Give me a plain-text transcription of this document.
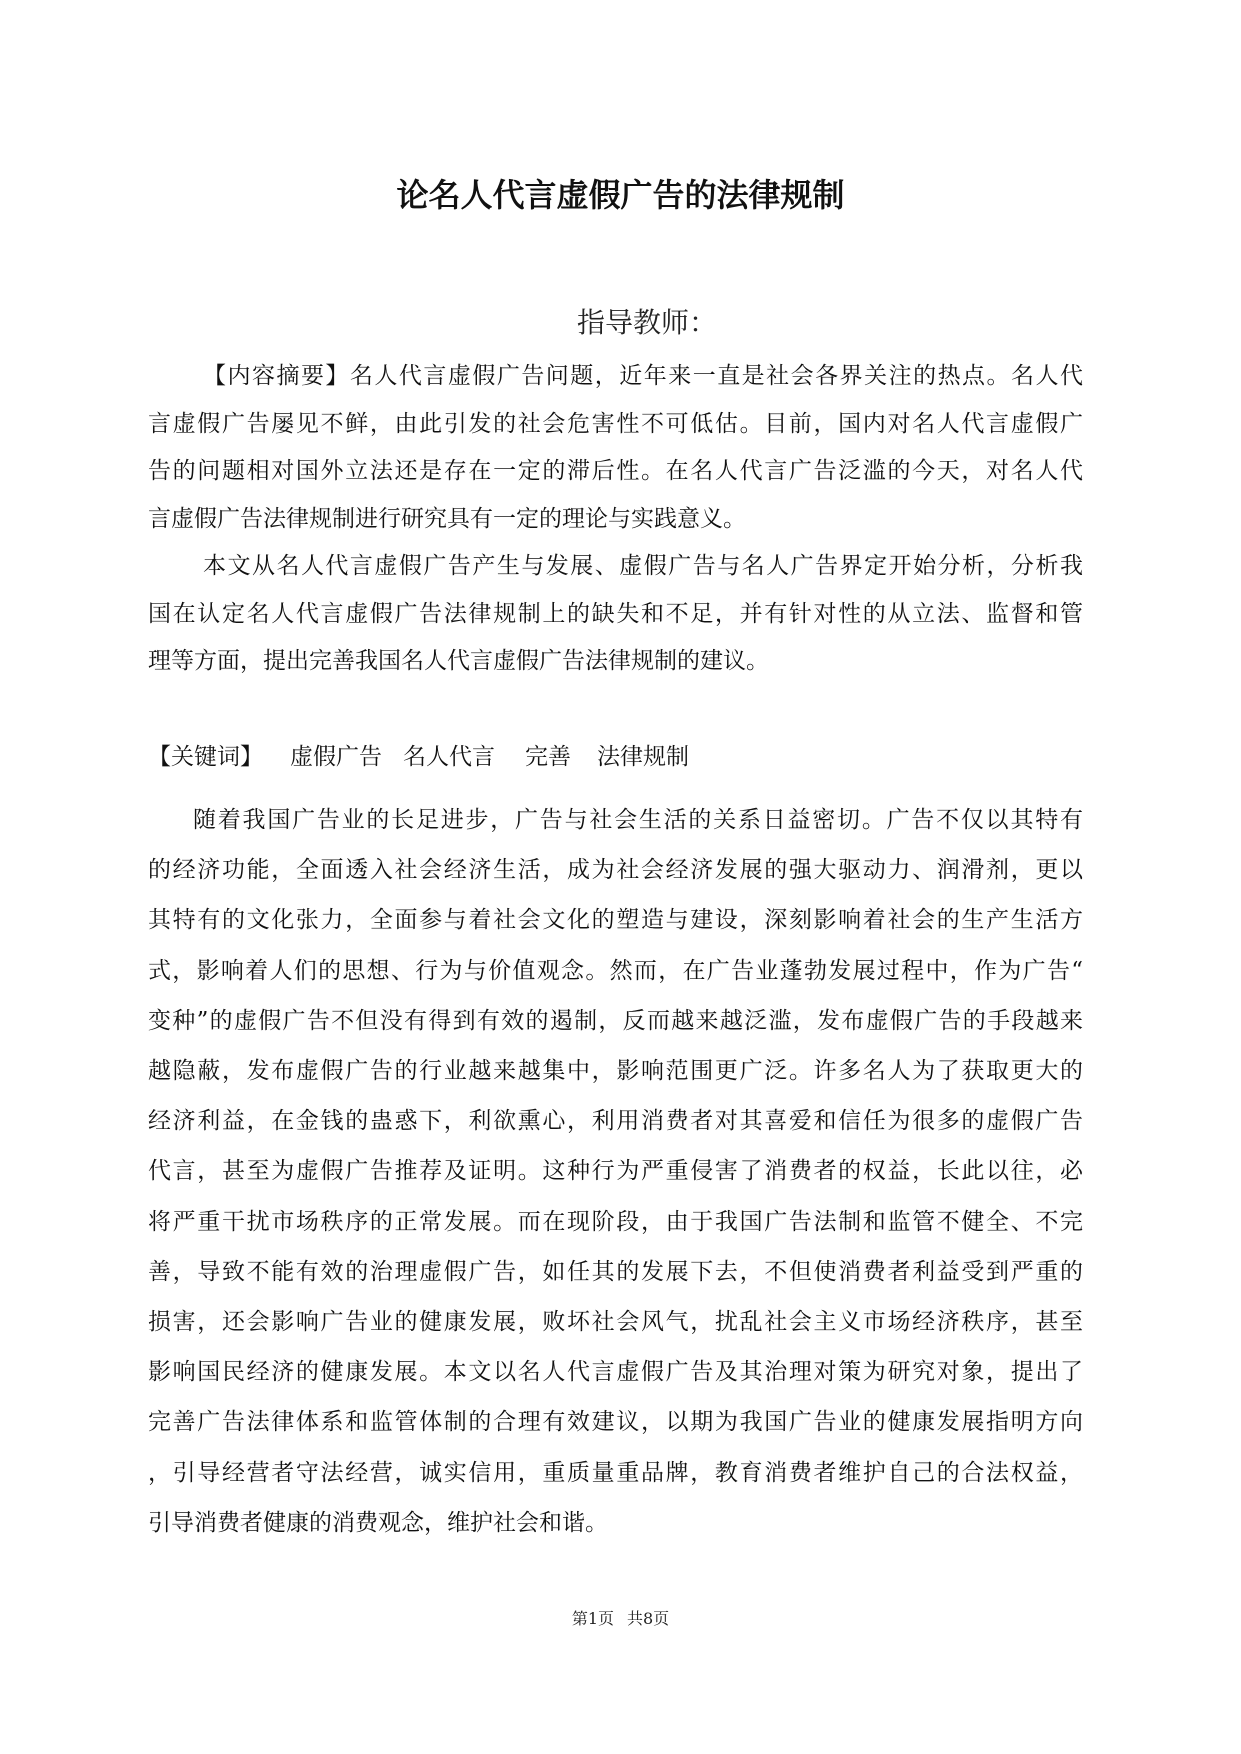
论名人代言虚假广告的法律规制
指导教师：
【内容摘要】名人代言虚假广告问题，近年来一直是社会各界关注的热点。名人代
言虚假广告屡见不鲜，由此引发的社会危害性不可低估。目前，国内对名人代言虚假广
告的问题相对国外立法还是存在一定的滞后性。在名人代言广告泛滥的今天，对名人代
言虚假广告法律规制进行研究具有一定的理论与实践意义。
本文从名人代言虚假广告产生与发展、虚假广告与名人广告界定开始分析，分析我
国在认定名人代言虚假广告法律规制上的缺失和不足，并有针对性的从立法、监督和管
理等方面，提出完善我国名人代言虚假广告法律规制的建议。
【关键词】 虚假广告 名人代言 完善 法律规制
随着我国广告业的长足进步，广告与社会生活的关系日益密切。广告不仅以其特有
的经济功能，全面透入社会经济生活，成为社会经济发展的强大驱动力、润滑剂，更以
其特有的文化张力，全面参与着社会文化的塑造与建设，深刻影响着社会的生产生活方
式，影响着人们的思想、行为与价值观念。然而，在广告业蓬勃发展过程中，作为广告“
变种”的虚假广告不但没有得到有效的遏制，反而越来越泛滥，发布虚假广告的手段越来
越隐蔽，发布虚假广告的行业越来越集中，影响范围更广泛。许多名人为了获取更大的
经济利益，在金钱的蛊惑下，利欲熏心，利用消费者对其喜爱和信任为很多的虚假广告
代言，甚至为虚假广告推荐及证明。这种行为严重侵害了消费者的权益，长此以往，必
将严重干扰市场秩序的正常发展。而在现阶段，由于我国广告法制和监管不健全、不完
善，导致不能有效的治理虚假广告，如任其的发展下去，不但使消费者利益受到严重的
损害，还会影响广告业的健康发展，败坏社会风气，扰乱社会主义市场经济秩序，甚至
影响国民经济的健康发展。本文以名人代言虚假广告及其治理对策为研究对象，提出了
完善广告法律体系和监管体制的合理有效建议，以期为我国广告业的健康发展指明方向
，引导经营者守法经营，诚实信用，重质量重品牌，教育消费者维护自己的合法权益，
引导消费者健康的消费观念，维护社会和谐。
第1页 共8页
